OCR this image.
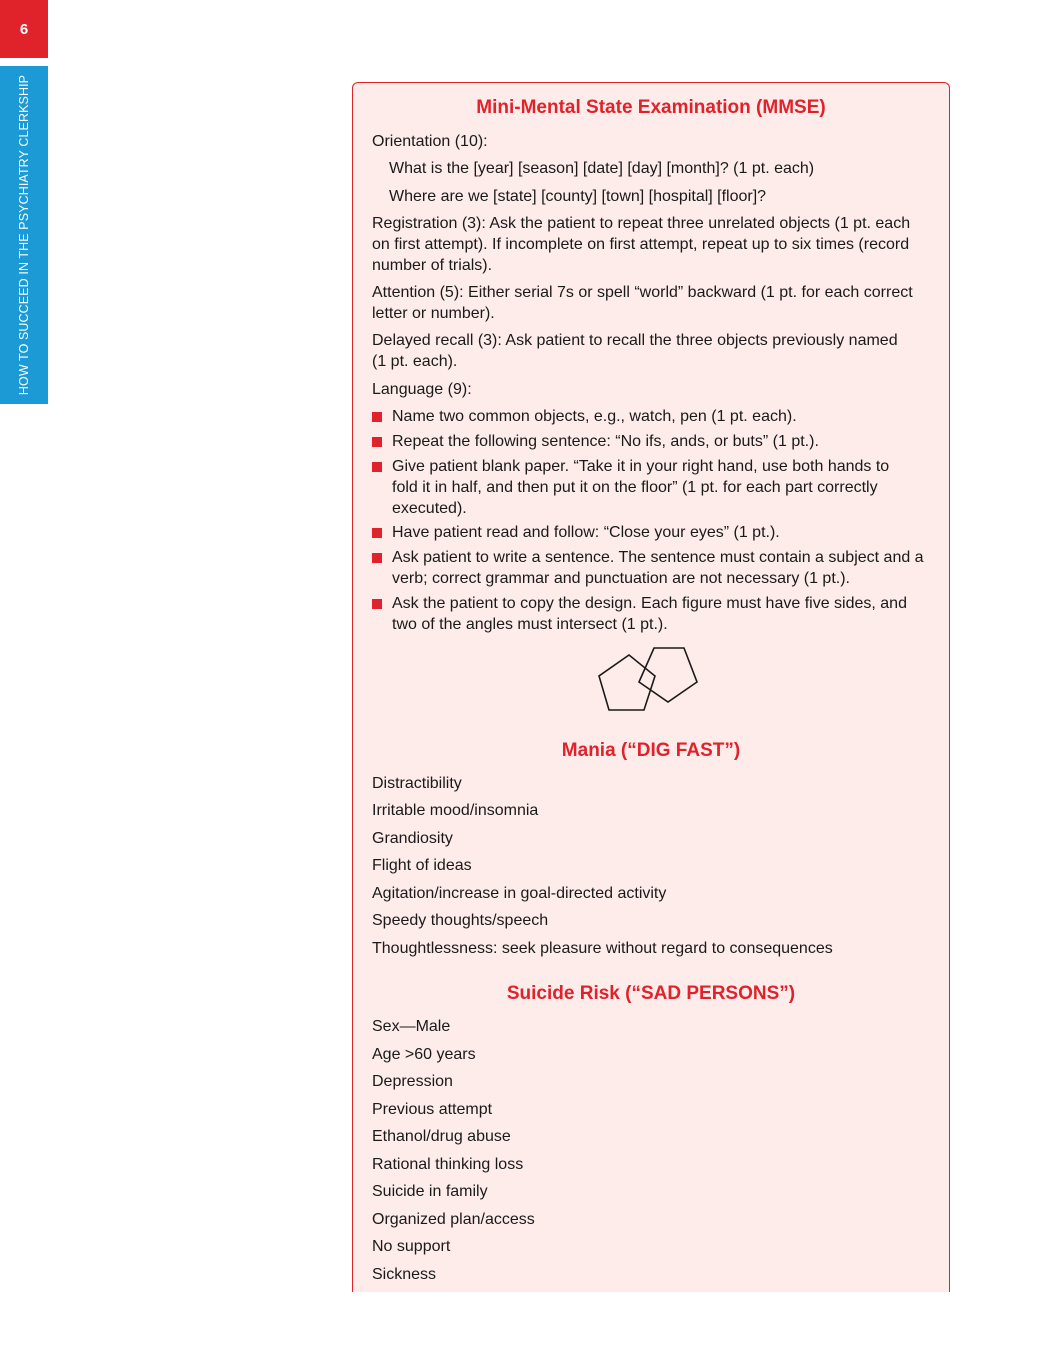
6
HOW TO SUCCEED IN THE PSYCHIATRY CLERKSHIP	Mini-Mental State Examination (MMSE)
Orientation (10):
What is the [year] [season] [date] [day] [month]? (1 pt. each)
Where are we [state] [county] [town] [hospital] [floor]?
Registration (3): Ask the patient to repeat three unrelated objects (1 pt. each
on first attempt). If incomplete on first attempt, repeat up to six times (record
number of trials).
Attention (5): Either serial 7s or spell “world” backward (1 pt. for each correct
letter or number).
Delayed recall (3): Ask patient to recall the three objects previously named
(1 pt. each).
Language (9):
Name two common objects, e.g., watch, pen (1 pt. each).
Repeat the following sentence: “No ifs, ands, or buts” (1 pt.).
Give patient blank paper. “Take it in your right hand, use both hands to
fold it in half, and then put it on the floor” (1 pt. for each part correctly
executed).
Have patient read and follow: “Close your eyes” (1 pt.).
Ask patient to write a sentence. The sentence must contain a subject and a
verb; correct grammar and punctuation are not necessary (1 pt.).
Ask the patient to copy the design. Each figure must have five sides, and
two of the angles must intersect (1 pt.).
Mania (“DIG FAST”)
Distractibility
Irritable mood/insomnia
Grandiosity
Flight of ideas
Agitation/increase in goal-directed activity
Speedy thoughts/speech
Thoughtlessness: seek pleasure without regard to consequences
Suicide Risk (“SAD PERSONS”)
Sex—Male
Age >60 years
Depression
Previous attempt
Ethanol/drug abuse
Rational thinking loss
Suicide in family
Organized plan/access
No support
Sickness
